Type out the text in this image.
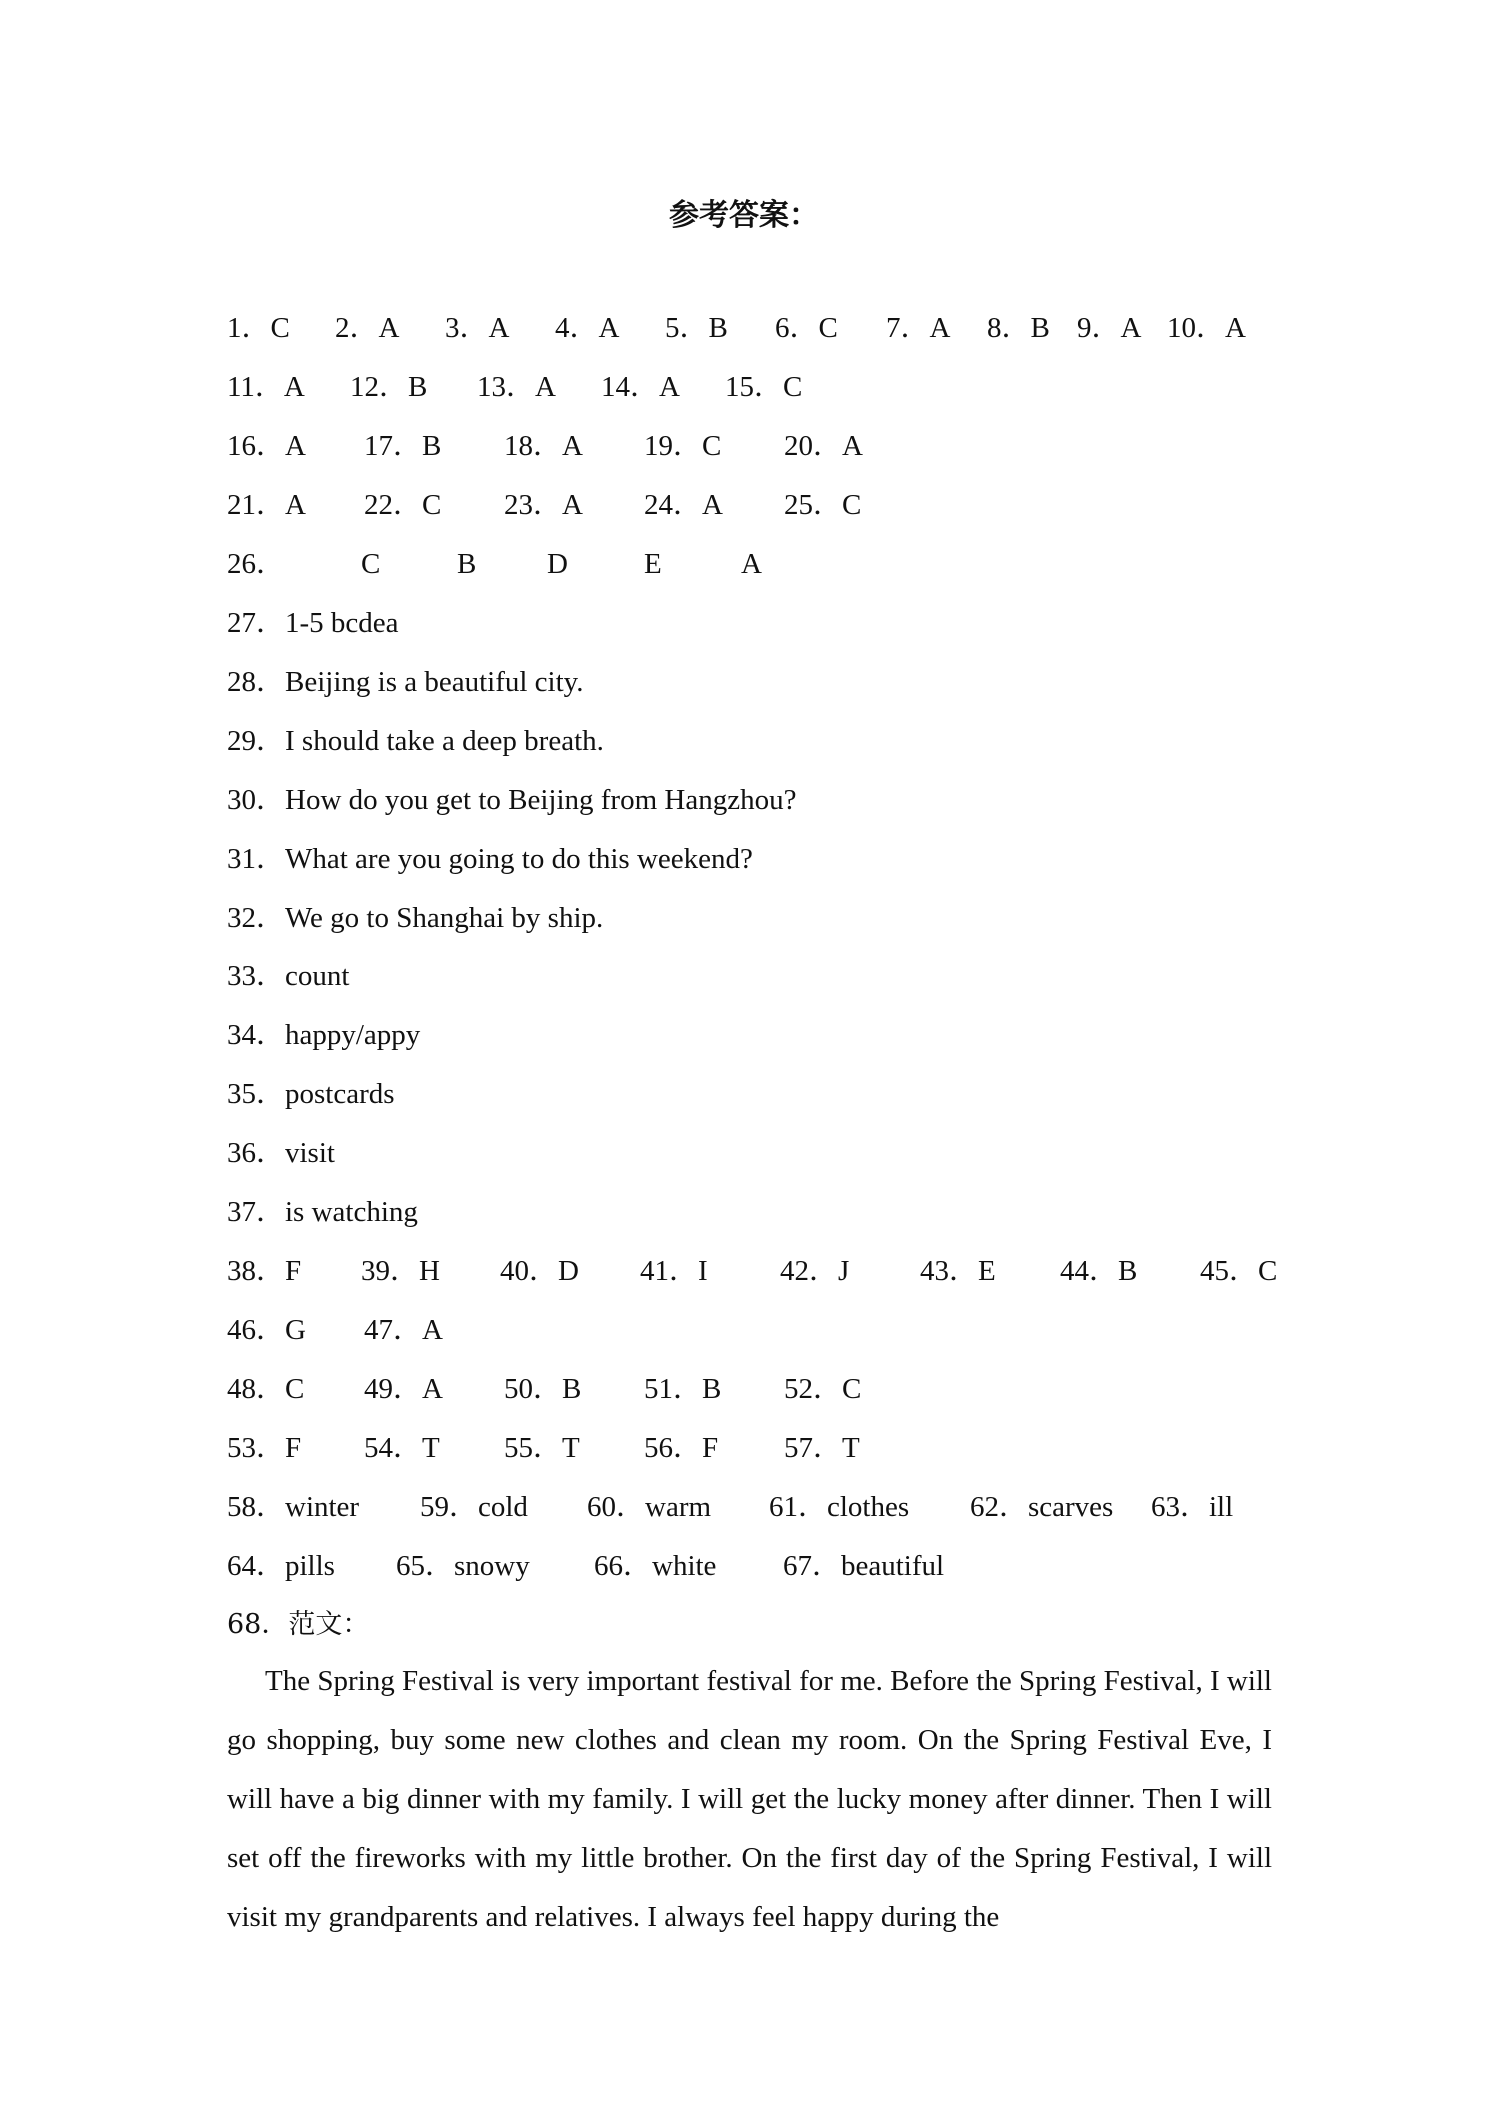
参考答案：
1．C 2．A 3．A 4．A 5．B 6．C 7．A 8．B 9．A 10．A
11．A 12．B 13．A 14．A 15．C
16．A 17．B 18．A 19．C 20．A
21．A 22．C 23．A 24．A 25．C
26．	C	B D	E	A
27．1-5 bcdea
28．Beijing is a beautiful city.
29．I should take a deep breath.
30．How do you get to Beijing from Hangzhou?
31．What are you going to do this weekend?
32．We go to Shanghai by ship.
33．count
34．happy/appy
35．postcards
36．visit
37．is watching
38．F 39．H 40．D 41．I 42．J 43．E 44．B 45．C
46．G 47．A
48．C 49．A 50．B 51．B 52．C
53．F 54．T 55．T 56．F 57．T
58．winter 59．cold 60．warm 61．clothes 62．scarves 63．ill
64．pills 65．snowy 66．white 67．beautiful
68．范文：
The Spring Festival is very important festival for me. Before the Spring Festival, I will go shopping, buy some new clothes and clean my room. On the Spring Festival Eve, I will have a big dinner with my family. I will get the lucky money after dinner. Then I will set off the fireworks with my little brother. On the first day of the Spring Festival, I will visit my grandparents and relatives. I always feel happy during the
